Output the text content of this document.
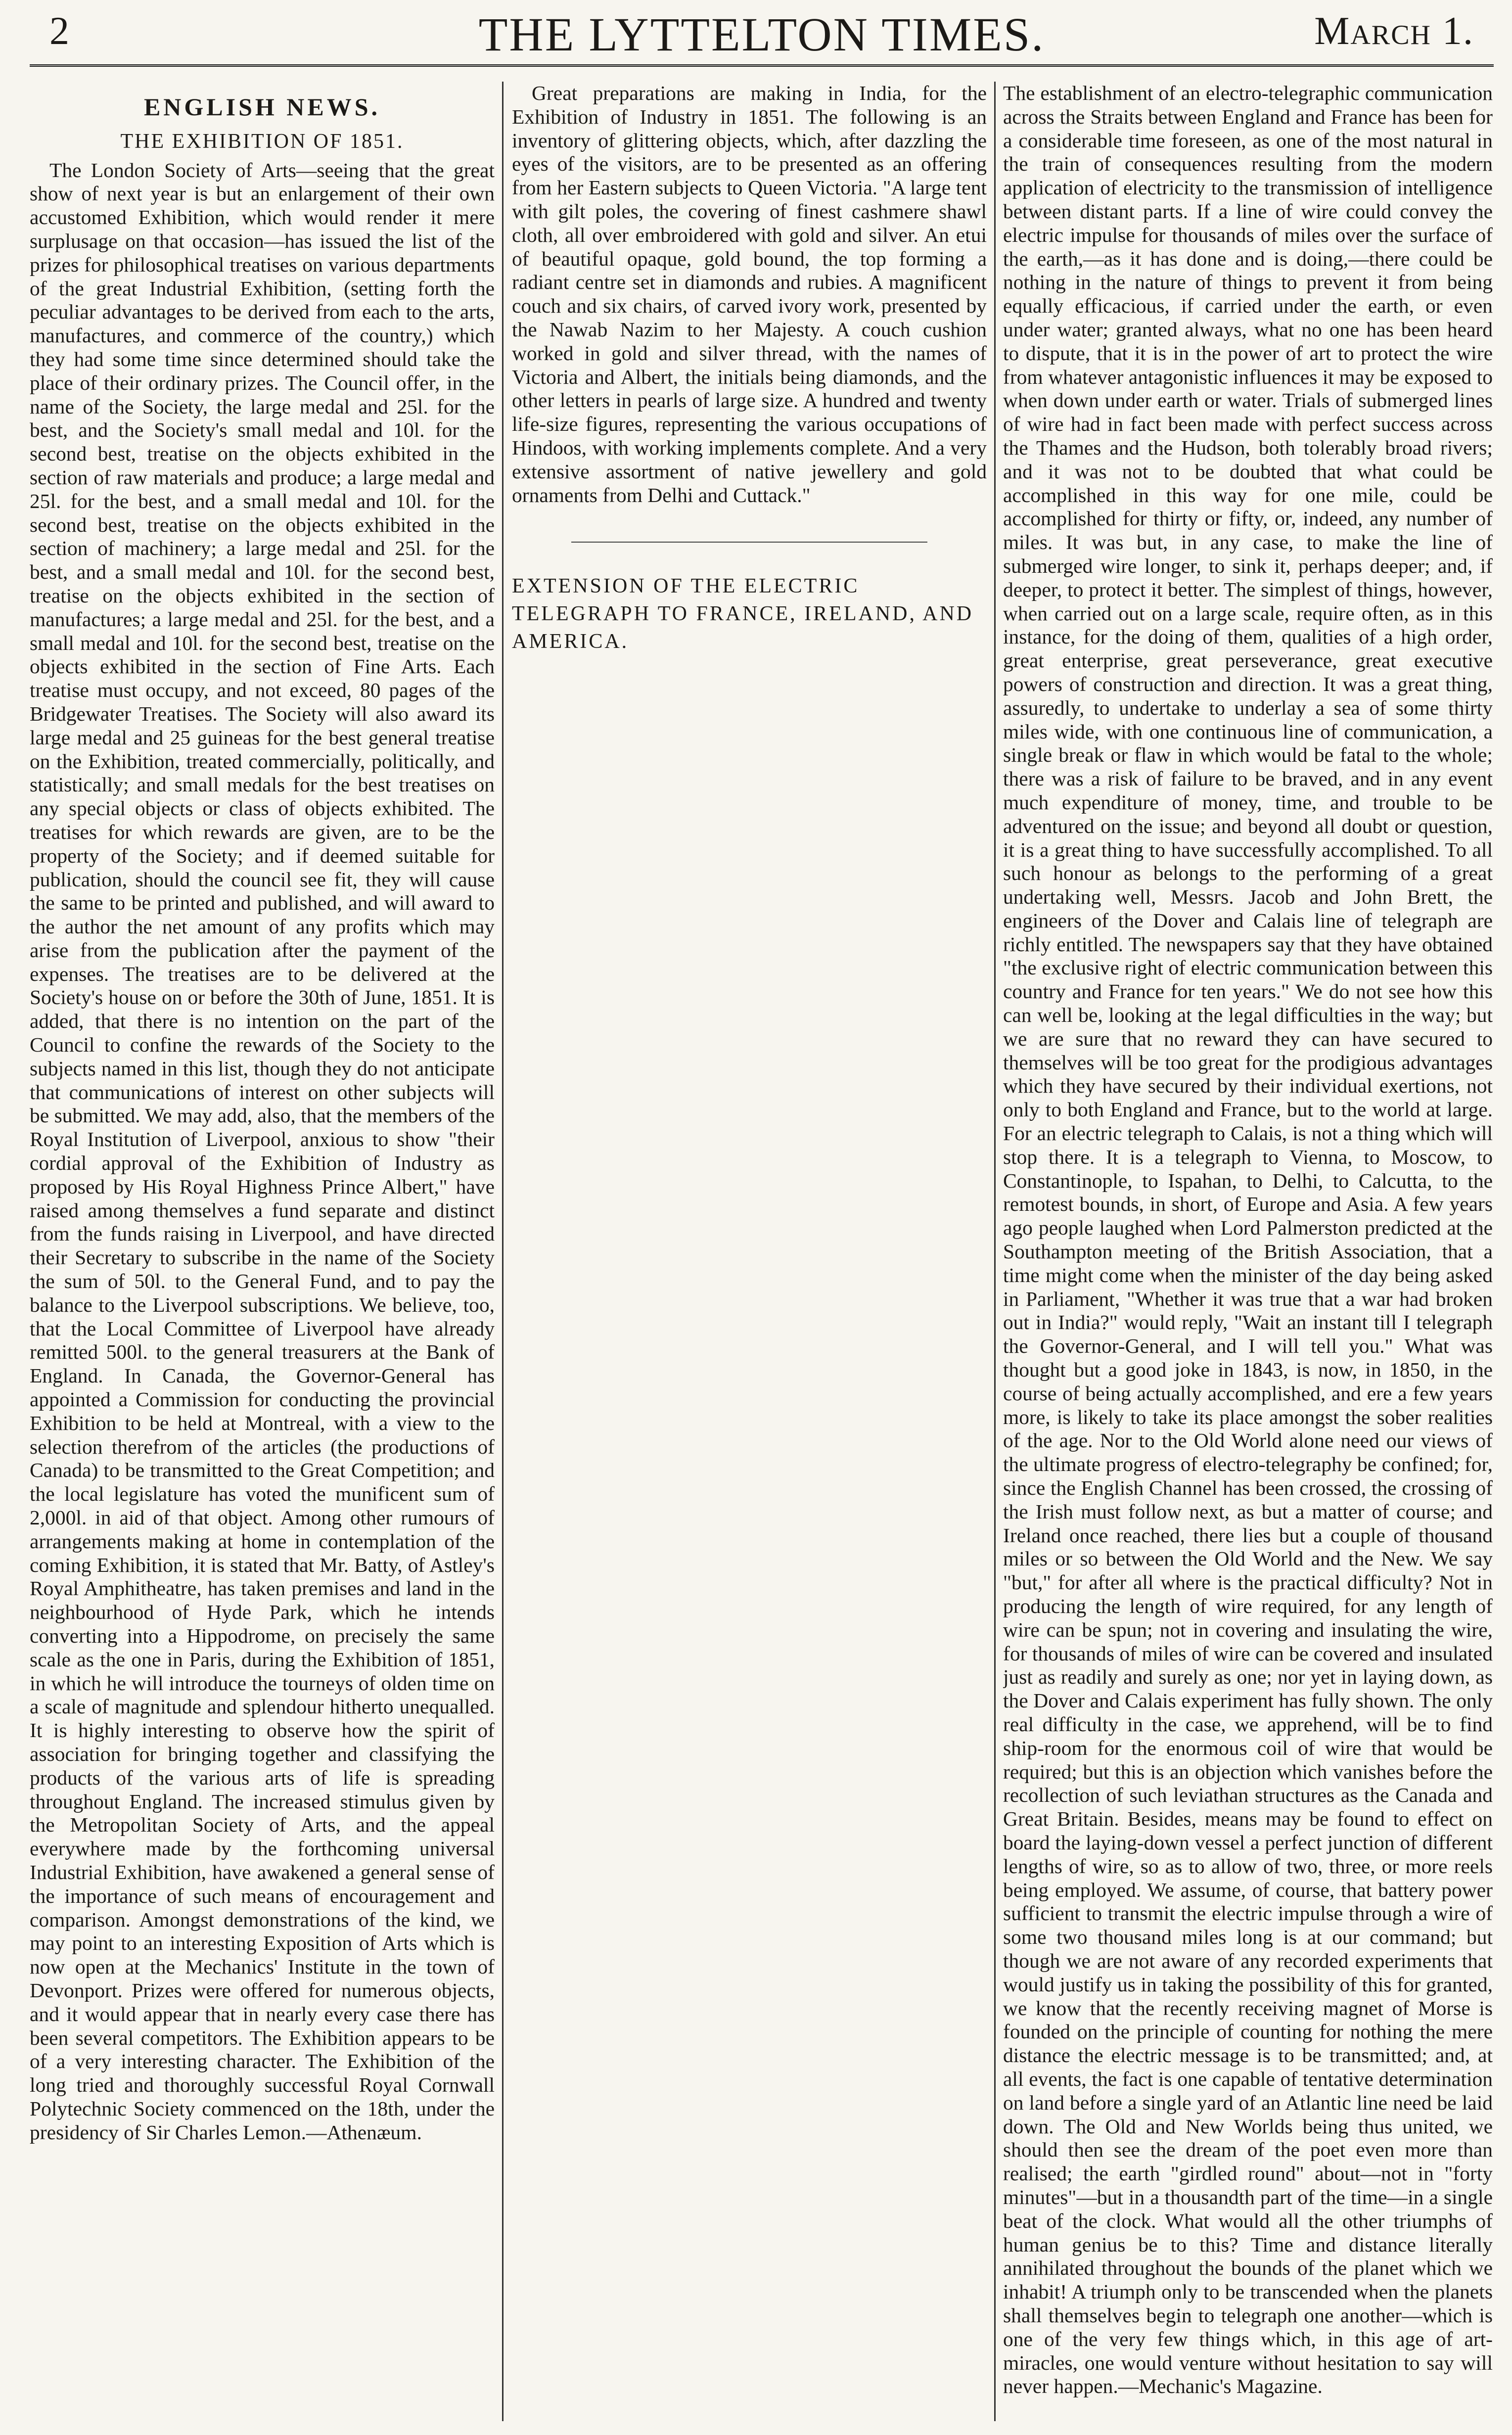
2	THE LYTTELTON TIMES.	March 1.
ENGLISH NEWS.
THE EXHIBITION OF 1851.

The London Society of Arts—seeing that the great show of next year is but an enlargement of their own accustomed Exhibition, which would render it mere surplusage on that occasion—has issued the list of the prizes for philosophical treatises on various departments of the great Industrial Exhibition, (setting forth the peculiar advantages to be derived from each to the arts, manufactures, and commerce of the country,) which they had some time since determined should take the place of their ordinary prizes. The Council offer, in the name of the Society, the large medal and 25l. for the best, and the Society's small medal and 10l. for the second best, treatise on the objects exhibited in the section of raw materials and produce; a large medal and 25l. for the best, and a small medal and 10l. for the second best, treatise on the objects exhibited in the section of machinery; a large medal and 25l. for the best, and a small medal and 10l. for the second best, treatise on the objects exhibited in the section of manufactures; a large medal and 25l. for the best, and a small medal and 10l. for the second best, treatise on the objects exhibited in the section of Fine Arts. Each treatise must occupy, and not exceed, 80 pages of the Bridgewater Treatises. The Society will also award its large medal and 25 guineas for the best general treatise on the Exhibition, treated commercially, politically, and statistically; and small medals for the best treatises on any special objects or class of objects exhibited. The treatises for which rewards are given, are to be the property of the Society; and if deemed suitable for publication, should the council see fit, they will cause the same to be printed and published, and will award to the author the net amount of any profits which may arise from the publication after the payment of the expenses. The treatises are to be delivered at the Society's house on or before the 30th of June, 1851. It is added, that there is no intention on the part of the Council to confine the rewards of the Society to the subjects named in this list, though they do not anticipate that communications of interest on other subjects will be submitted. We may add, also, that the members of the Royal Institution of Liverpool, anxious to show "their cordial approval of the Exhibition of Industry as proposed by His Royal Highness Prince Albert," have raised among themselves a fund separate and distinct from the funds raising in Liverpool, and have directed their Secretary to subscribe in the name of the Society the sum of 50l. to the General Fund, and to pay the balance to the Liverpool subscriptions. We believe, too, that the Local Committee of Liverpool have already remitted 500l. to the general treasurers at the Bank of England. In Canada, the Governor-General has appointed a Commission for conducting the provincial Exhibition to be held at Montreal, with a view to the selection therefrom of the articles (the productions of Canada) to be transmitted to the Great Competition; and the local legislature has voted the munificent sum of 2,000l. in aid of that object. Among other rumours of arrangements making at home in contemplation of the coming Exhibition, it is stated that Mr. Batty, of Astley's Royal Amphitheatre, has taken premises and land in the neighbourhood of Hyde Park, which he intends converting into a Hippodrome, on precisely the same scale as the one in Paris, during the Exhibition of 1851, in which he will introduce the tourneys of olden time on a scale of magnitude and splendour hitherto unequalled. It is highly interesting to observe how the spirit of association for bringing together and classifying the products of the various arts of life is spreading throughout England. The increased stimulus given by the Metropolitan Society of Arts, and the appeal everywhere made by the forthcoming universal Industrial Exhibition, have awakened a general sense of the importance of such means of encouragement and comparison. Amongst demonstrations of the kind, we may point to an interesting Exposition of Arts which is now open at the Mechanics' Institute in the town of Devonport. Prizes were offered for numerous objects, and it would appear that in nearly every case there has been several competitors. The Exhibition appears to be of a very interesting character. The Exhibition of the long tried and thoroughly successful Royal Cornwall Polytechnic Society commenced on the 18th, under the presidency of Sir Charles Lemon.—Athenæum.

Great preparations are making in India, for the Exhibition of Industry in 1851. The following is an inventory of glittering objects, which, after dazzling the eyes of the visitors, are to be presented as an offering from her Eastern subjects to Queen Victoria. "A large tent with gilt poles, the covering of finest cashmere shawl cloth, all over embroidered with gold and silver. An etui of beautiful opaque, gold bound, the top forming a radiant centre set in diamonds and rubies. A magnificent couch and six chairs, of carved ivory work, presented by the Nawab Nazim to her Majesty. A couch cushion worked in gold and silver thread, with the names of Victoria and Albert, the initials being diamonds, and the other letters in pearls of large size. A hundred and twenty life-size figures, representing the various occupations of Hindoos, with working implements complete. And a very extensive assortment of native jewellery and gold ornaments from Delhi and Cuttack."

EXTENSION OF THE ELECTRIC TELEGRAPH TO FRANCE, IRELAND, AND AMERICA.

The establishment of an electro-telegraphic communication across the Straits between England and France has been for a considerable time foreseen, as one of the most natural in the train of consequences resulting from the modern application of electricity to the transmission of intelligence between distant parts. If a line of wire could convey the electric impulse for thousands of miles over the surface of the earth,—as it has done and is doing,—there could be nothing in the nature of things to prevent it from being equally efficacious, if carried under the earth, or even under water; granted always, what no one has been heard to dispute, that it is in the power of art to protect the wire from whatever antagonistic influences it may be exposed to when down under earth or water. Trials of submerged lines of wire had in fact been made with perfect success across the Thames and the Hudson, both tolerably broad rivers; and it was not to be doubted that what could be accomplished in this way for one mile, could be accomplished for thirty or fifty, or, indeed, any number of miles. It was but, in any case, to make the line of submerged wire longer, to sink it, perhaps deeper; and, if deeper, to protect it better. The simplest of things, however, when carried out on a large scale, require often, as in this instance, for the doing of them, qualities of a high order, great enterprise, great perseverance, great executive powers of construction and direction. It was a great thing, assuredly, to undertake to underlay a sea of some thirty miles wide, with one continuous line of communication, a single break or flaw in which would be fatal to the whole; there was a risk of failure to be braved, and in any event much expenditure of money, time, and trouble to be adventured on the issue; and beyond all doubt or question, it is a great thing to have successfully accomplished. To all such honour as belongs to the performing of a great undertaking well, Messrs. Jacob and John Brett, the engineers of the Dover and Calais line of telegraph are richly entitled. The newspapers say that they have obtained "the exclusive right of electric communication between this country and France for ten years." We do not see how this can well be, looking at the legal difficulties in the way; but we are sure that no reward they can have secured to themselves will be too great for the prodigious advantages which they have secured by their individual exertions, not only to both England and France, but to the world at large. For an electric telegraph to Calais, is not a thing which will stop there. It is a telegraph to Vienna, to Moscow, to Constantinople, to Ispahan, to Delhi, to Calcutta, to the remotest bounds, in short, of Europe and Asia. A few years ago people laughed when Lord Palmerston predicted at the Southampton meeting of the British Association, that a time might come when the minister of the day being asked in Parliament, "Whether it was true that a war had broken out in India?" would reply, "Wait an instant till I telegraph the Governor-General, and I will tell you." What was thought but a good joke in 1843, is now, in 1850, in the course of being actually accomplished, and ere a few years more, is likely to take its place amongst the sober realities of the age. Nor to the Old World alone need our views of the ultimate progress of electro-telegraphy be confined; for, since the English Channel has been crossed, the crossing of the Irish must follow next, as but a matter of course; and Ireland once reached, there lies but a couple of thousand miles or so between the Old World and the New. We say "but," for after all where is the practical difficulty? Not in producing the length of wire required, for any length of wire can be spun; not in covering and insulating the wire, for thousands of miles of wire can be covered and insulated just as readily and surely as one; nor yet in laying down, as the Dover and Calais experiment has fully shown. The only real difficulty in the case, we apprehend, will be to find ship-room for the enormous coil of wire that would be required; but this is an objection which vanishes before the recollection of such leviathan structures as the Canada and Great Britain. Besides, means may be found to effect on board the laying-down vessel a perfect junction of different lengths of wire, so as to allow of two, three, or more reels being employed. We assume, of course, that battery power sufficient to transmit the electric impulse through a wire of some two thousand miles long is at our command; but though we are not aware of any recorded experiments that would justify us in taking the possibility of this for granted, we know that the recently receiving magnet of Morse is founded on the principle of counting for nothing the mere distance the electric message is to be transmitted; and, at all events, the fact is one capable of tentative determination on land before a single yard of an Atlantic line need be laid down. The Old and New Worlds being thus united, we should then see the dream of the poet even more than realised; the earth "girdled round" about—not in "forty minutes"—but in a thousandth part of the time—in a single beat of the clock. What would all the other triumphs of human genius be to this? Time and distance literally annihilated throughout the bounds of the planet which we inhabit! A triumph only to be transcended when the planets shall themselves begin to telegraph one another—which is one of the very few things which, in this age of art-miracles, one would venture without hesitation to say will never happen.—Mechanic's Magazine.
